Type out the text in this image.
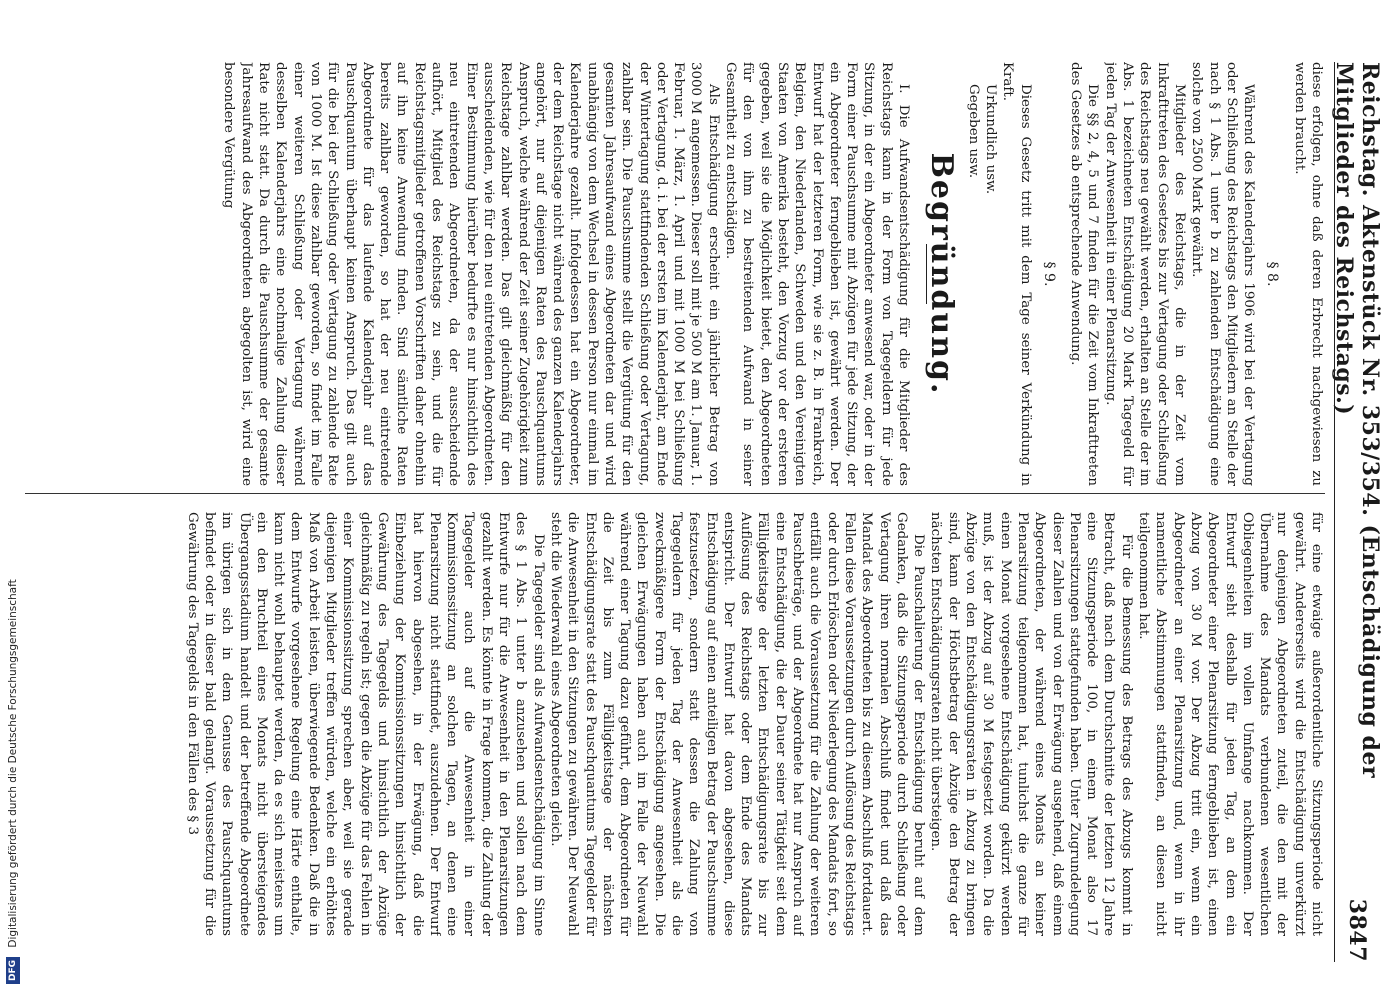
DFG Digitalisierung gefördert durch die Deutsche Forschungsgemeinschaft	Reichstag. Aktenstück Nr. 353/354. (Entschädigung der Mitglieder des Reichstags.)
3847

diese erfolgen, ohne daß deren Erbrecht nachgewiesen zu werden braucht.

§ 8.

Während des Kalenderjahrs 1906 wird bei der Vertagung oder Schließung des Reichstags den Mitgliedern an Stelle der nach § 1 Abs. 1 unter b zu zahlenden Entschädigung eine solche von 2500 Mark gewährt.

Mitglieder des Reichstags, die in der Zeit vom Inkrafttreten des Gesetzes bis zur Vertagung oder Schließung des Reichstags neu gewählt werden, erhalten an Stelle der im Abs. 1 bezeichneten Entschädigung 20 Mark Tagegeld für jeden Tag der Anwesenheit in einer Plenarsitzung.

Die §§ 2, 4, 5 und 7 finden für die Zeit vom Inkrafttreten des Gesetzes ab entsprechende Anwendung.

§ 9.

Dieses Gesetz tritt mit dem Tage seiner Verkündung in Kraft.

Urkundlich usw.

Gegeben usw.

Begründung.

I. Die Aufwandsentschädigung für die Mitglieder des Reichstags kann in der Form von Tagegeldern für jede Sitzung, in der ein Abgeordneter anwesend war, oder in der Form einer Pauschsumme mit Abzügen für jede Sitzung, der ein Abgeordneter ferngeblieben ist, gewährt werden. Der Entwurf hat der letzteren Form, wie sie z. B. in Frankreich, Belgien, den Niederlanden, Schweden und den Vereinigten Staaten von Amerika besteht, den Vorzug vor der ersteren gegeben, weil sie die Möglichkeit bietet, den Abgeordneten für den von ihm zu bestreitenden Aufwand in seiner Gesamtheit zu entschädigen.

Als Entschädigung erscheint ein jährlicher Betrag von 3000 M angemessen. Dieser soll mit je 500 M am 1. Januar, 1. Februar, 1. März, 1. April und mit 1000 M bei Schließung oder Vertagung, d. i. bei der ersten im Kalenderjahr, am Ende der Wintertagung stattfindenden Schließung oder Vertagung, zahlbar sein. Die Pauschsumme stellt die Vergütung für den gesamten Jahresaufwand eines Abgeordneten dar und wird unabhängig von dem Wechsel in dessen Person nur einmal im Kalenderjahre gezahlt. Infolgedessen hat ein Abgeordneter, der dem Reichstage nicht während des ganzen Kalenderjahrs angehört, nur auf diejenigen Raten des Pauschquantums Anspruch, welche während der Zeit seiner Zugehörigkeit zum Reichstage zahlbar werden. Das gilt gleichmäßig für den ausscheidenden, wie für den neu eintretenden Abgeordneten. Einer Bestimmung hierüber bedurfte es nur hinsichtlich des neu eintretenden Abgeordneten, da der ausscheidende aufhört, Mitglied des Reichstags zu sein, und die für Reichstagsmitglieder getroffenen Vorschriften daher ohnehin auf ihn keine Anwendung finden. Sind sämtliche Raten bereits zahlbar geworden, so hat der neu eintretende Abgeordnete für das laufende Kalenderjahr auf das Pauschquantum überhaupt keinen Anspruch. Das gilt auch für die bei der Schließung oder Vertagung zu zahlende Rate von 1000 M. Ist diese zahlbar geworden, so findet im Falle einer weiteren Schließung oder Vertagung während desselben Kalenderjahrs eine nochmalige Zahlung dieser Rate nicht statt. Da durch die Pauschsumme der gesamte Jahresaufwand des Abgeordneten abgegolten ist, wird eine besondere Vergütung

für eine etwaige außerordentliche Sitzungsperiode nicht gewährt. Andererseits wird die Entschädigung unverkürzt nur denjenigen Abgeordneten zuteil, die den mit der Übernahme des Mandats verbundenen wesentlichen Obliegenheiten im vollen Umfange nachkommen. Der Entwurf sieht deshalb für jeden Tag, an dem ein Abgeordneter einer Plenarsitzung ferngeblieben ist, einen Abzug von 30 M vor. Der Abzug tritt ein, wenn ein Abgeordneter an einer Plenarsitzung und, wenn in ihr namentliche Abstimmungen stattfinden, an diesen nicht teilgenommen hat.

Für die Bemessung des Betrags des Abzugs kommt in Betracht, daß nach dem Durchschnitte der letzten 12 Jahre eine Sitzungsperiode 100, in einem Monat also 17 Plenarsitzungen stattgefunden haben. Unter Zugrundelegung dieser Zahlen und von der Erwägung ausgehend, daß einem Abgeordneten, der während eines Monats an keiner Plenarsitzung teilgenommen hat, tunlichst die ganze für einen Monat vorgesehene Entschädigung gekürzt werden muß, ist der Abzug auf 30 M festgesetzt worden. Da die Abzüge von den Entschädigungsraten in Abzug zu bringen sind, kann der Höchstbetrag der Abzüge den Betrag der nächsten Entschädigungsraten nicht übersteigen.

Die Pauschalierung der Entschädigung beruht auf dem Gedanken, daß die Sitzungsperiode durch Schließung oder Vertagung ihren normalen Abschluß findet und daß das Mandat des Abgeordneten bis zu diesem Abschluß fortdauert. Fallen diese Voraussetzungen durch Auflösung des Reichstags oder durch Erlöschen oder Niederlegung des Mandats fort, so entfällt auch die Voraussetzung für die Zahlung der weiteren Pauschbeträge, und der Abgeordnete hat nur Anspruch auf eine Entschädigung, die der Dauer seiner Tätigkeit seit dem Fälligkeitstage der letzten Entschädigungsrate bis zur Auflösung des Reichstags oder dem Ende des Mandats entspricht. Der Entwurf hat davon abgesehen, diese Entschädigung auf einen anteiligen Betrag der Pauschsumme festzusetzen, sondern statt dessen die Zahlung von Tagegeldern für jeden Tag der Anwesenheit als die zweckmäßigere Form der Entschädigung angesehen. Die gleichen Erwägungen haben auch im Falle der Neuwahl während einer Tagung dazu geführt, dem Abgeordneten für die Zeit bis zum Fälligkeitstage der nächsten Entschädigungsrate statt des Pauschquantums Tagegelder für die Anwesenheit in den Sitzungen zu gewähren. Der Neuwahl steht die Wiederwahl eines Abgeordneten gleich.

Die Tagegelder sind als Aufwandsentschädigung im Sinne des § 1 Abs. 1 unter b anzusehen und sollen nach dem Entwurfe nur für die Anwesenheit in den Plenarsitzungen gezahlt werden. Es könnte in Frage kommen, die Zahlung der Tagegelder auch auf die Anwesenheit in einer Kommissionssitzung an solchen Tagen, an denen eine Plenarsitzung nicht stattfindet, auszudehnen. Der Entwurf hat hiervon abgesehen, in der Erwägung, daß die Einbeziehung der Kommissionssitzungen hinsichtlich der Gewährung des Tagegelds und hinsichtlich der Abzüge gleichmäßig zu regeln ist; gegen die Abzüge für das Fehlen in einer Kommissionssitzung sprechen aber, weil sie gerade diejenigen Mitglieder treffen würden, welche ein erhöhtes Maß von Arbeit leisten, überwiegende Bedenken. Daß die in dem Entwurfe vorgesehene Regelung eine Härte enthalte, kann nicht wohl behauptet werden, da es sich meistens um ein den Bruchteil eines Monats nicht übersteigendes Übergangsstadium handelt und der betreffende Abgeordnete im übrigen sich in dem Genusse des Pauschquantums befindet oder in dieser bald gelangt. Voraussetzung für die Gewährung des Tagegelds in den Fällen des § 3
